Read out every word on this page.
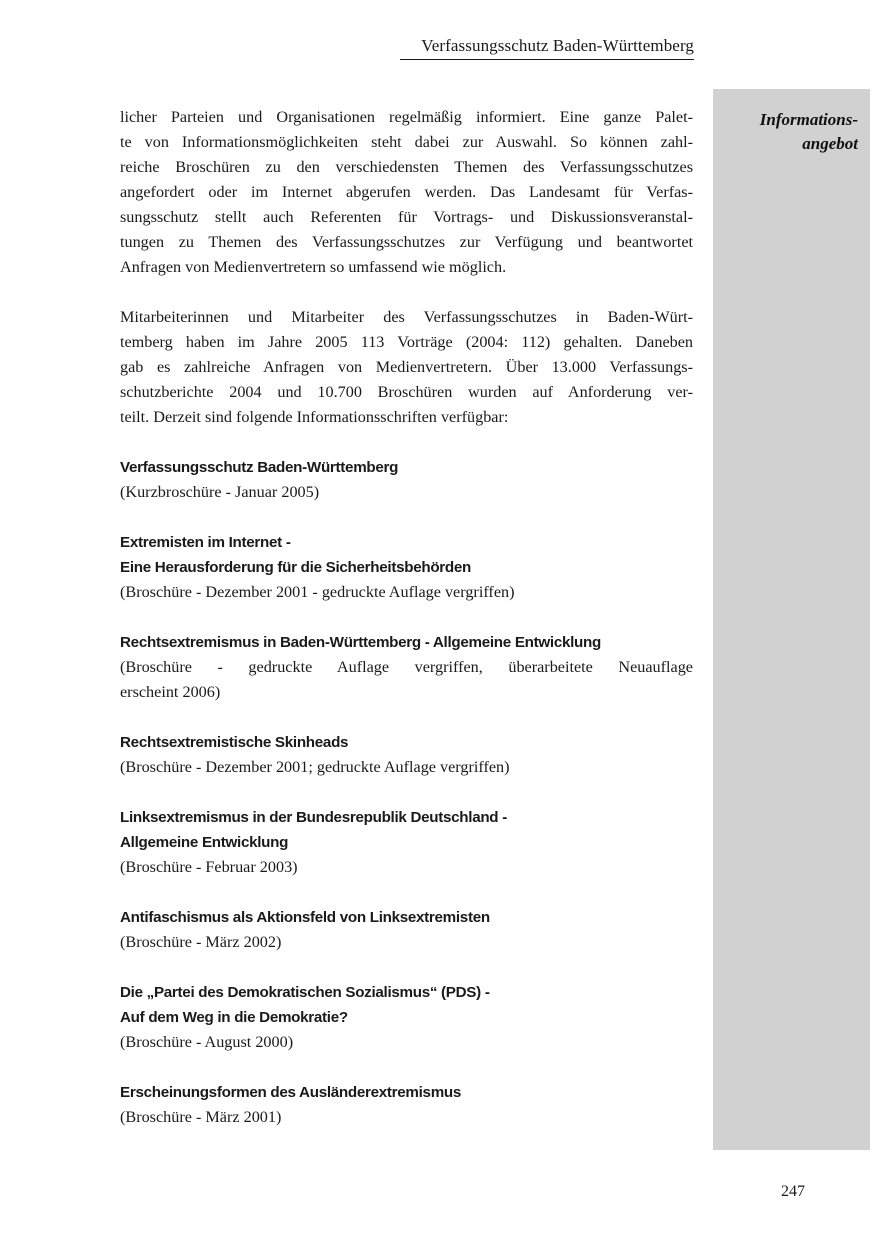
Verfassungsschutz Baden-Württemberg
Informations-
angebot
licher Parteien und Organisationen regelmäßig informiert. Eine ganze Palet-
te von Informationsmöglichkeiten steht dabei zur Auswahl. So können zahl-
reiche Broschüren zu den verschiedensten Themen des Verfassungsschutzes
angefordert oder im Internet abgerufen werden. Das Landesamt für Verfas-
sungsschutz stellt auch Referenten für Vortrags- und Diskussionsveranstal-
tungen zu Themen des Verfassungsschutzes zur Verfügung und beantwortet
Anfragen von Medienvertretern so umfassend wie möglich.
Mitarbeiterinnen und Mitarbeiter des Verfassungsschutzes in Baden-Würt-
temberg haben im Jahre 2005 113 Vorträge (2004: 112) gehalten. Daneben
gab es zahlreiche Anfragen von Medienvertretern. Über 13.000 Verfassungs-
schutzberichte 2004 und 10.700 Broschüren wurden auf Anforderung ver-
teilt. Derzeit sind folgende Informationsschriften verfügbar:
Verfassungsschutz Baden-Württemberg
(Kurzbroschüre - Januar 2005)
Extremisten im Internet -
Eine Herausforderung für die Sicherheitsbehörden
(Broschüre - Dezember 2001 - gedruckte Auflage vergriffen)
Rechtsextremismus in Baden-Württemberg - Allgemeine Entwicklung
(Broschüre - gedruckte Auflage vergriffen, überarbeitete Neuauflage
erscheint 2006)
Rechtsextremistische Skinheads
(Broschüre - Dezember 2001; gedruckte Auflage vergriffen)
Linksextremismus in der Bundesrepublik Deutschland -
Allgemeine Entwicklung
(Broschüre - Februar 2003)
Antifaschismus als Aktionsfeld von Linksextremisten
(Broschüre - März 2002)
Die „Partei des Demokratischen Sozialismus“ (PDS) -
Auf dem Weg in die Demokratie?
(Broschüre - August 2000)
Erscheinungsformen des Ausländerextremismus
(Broschüre - März 2001)
247
